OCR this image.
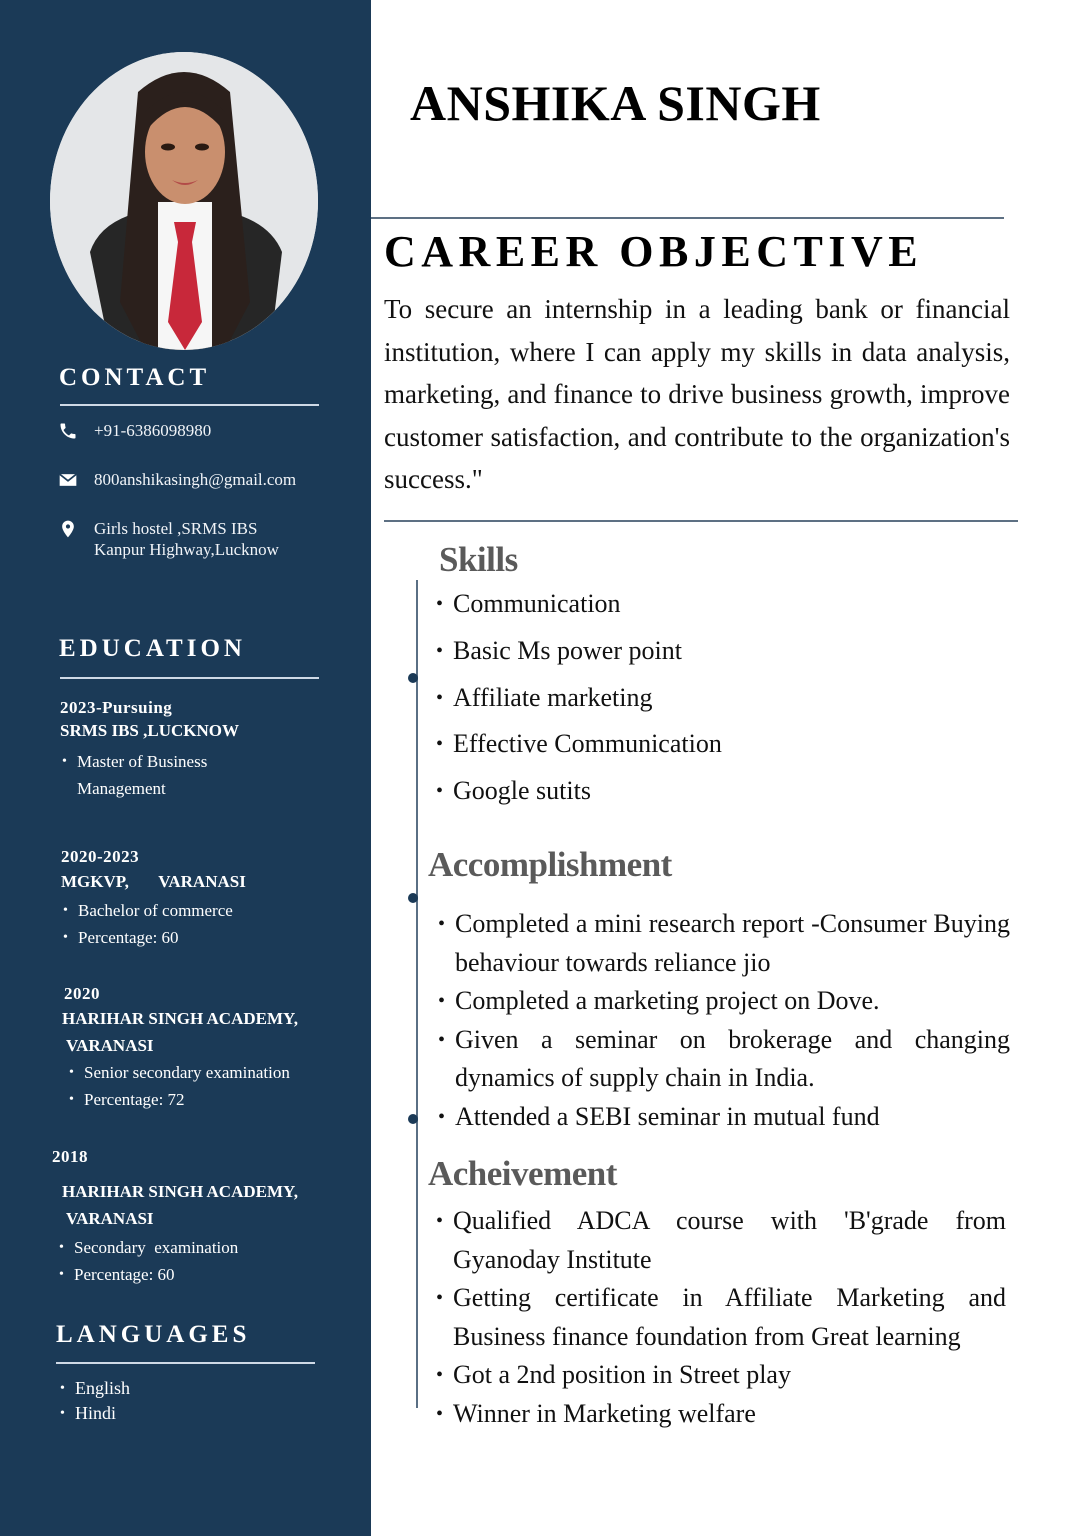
CONTACT
+91-6386098980
800anshikasingh@gmail.com
Girls hostel ,SRMS IBS
Kanpur Highway,Lucknow
EDUCATION
2023-Pursuing
SRMS IBS ,LUCKNOW
• Master of Business
Management
2020-2023
MGKVP,       VARANASI
• Bachelor of commerce
• Percentage: 60
2020
HARIHAR SINGH ACADEMY,
VARANASI
• Senior secondary examination
• Percentage: 72
2018
HARIHAR SINGH ACADEMY,
VARANASI
• Secondary  examination
• Percentage: 60
LANGUAGES
• English
• Hindi
ANSHIKA SINGH
CAREER OBJECTIVE

To secure an internship in a leading bank or financial institution, where I can apply my skills in data analysis, marketing, and finance to drive business growth, improve customer satisfaction, and contribute to the organization's success."

Skills
• Communication
• Basic Ms power point
• Affiliate marketing
• Effective Communication
• Google sutits
Accomplishment
• Completed a mini research report -Consumer Buying behaviour towards reliance jio
• Completed a marketing project on Dove.
• Given a seminar on brokerage and changing dynamics of supply chain in India.
• Attended a SEBI seminar in mutual fund
Acheivement
• Qualified ADCA course with 'B'grade from Gyanoday Institute
• Getting certificate in Affiliate Marketing and Business finance foundation from Great learning
• Got a 2nd position in Street play
• Winner in Marketing welfare
